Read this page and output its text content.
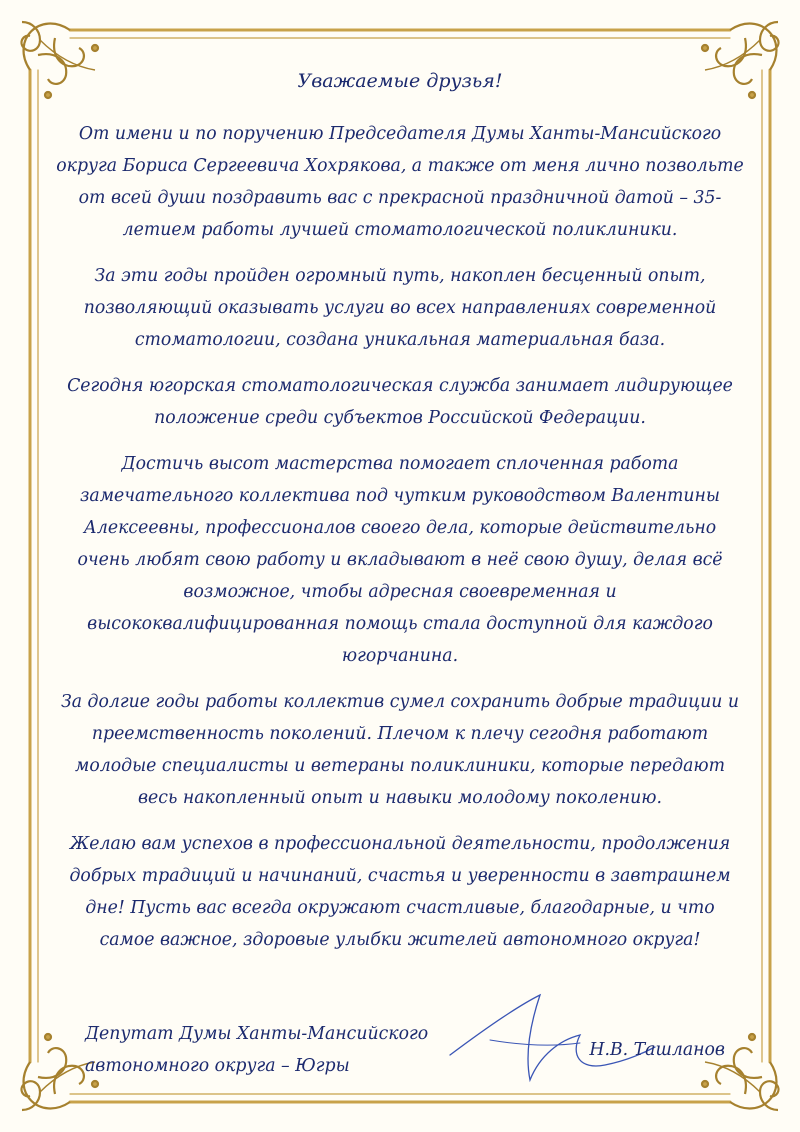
Уважаемые друзья!

От имени и по поручению Председателя Думы Ханты-Мансийского округа Бориса Сергеевича Хохрякова, а также от меня лично позвольте от всей души поздравить вас с прекрасной праздничной датой – 35-летием работы лучшей стоматологической поликлиники.

За эти годы пройден огромный путь, накоплен бесценный опыт, позволяющий оказывать услуги во всех направлениях современной стоматологии, создана уникальная материальная база.

Сегодня югорская стоматологическая служба занимает лидирующее положение среди субъектов Российской Федерации.

Достичь высот мастерства помогает сплоченная работа замечательного коллектива под чутким руководством Валентины Алексеевны, профессионалов своего дела, которые действительно очень любят свою работу и вкладывают в неё свою душу, делая всё возможное, чтобы адресная своевременная и высококвалифицированная помощь стала доступной для каждого югорчанина.

За долгие годы работы коллектив сумел сохранить добрые традиции и преемственность поколений. Плечом к плечу сегодня работают молодые специалисты и ветераны поликлиники, которые передают весь накопленный опыт и навыки молодому поколению.

Желаю вам успехов в профессиональной деятельности, продолжения добрых традиций и начинаний, счастья и уверенности в завтрашнем дне! Пусть вас всегда окружают счастливые, благодарные, и что самое важное, здоровые улыбки жителей автономного округа!

Депутат Думы Ханты-Мансийского
автономного округа – Югры
Н.В. Ташланов
